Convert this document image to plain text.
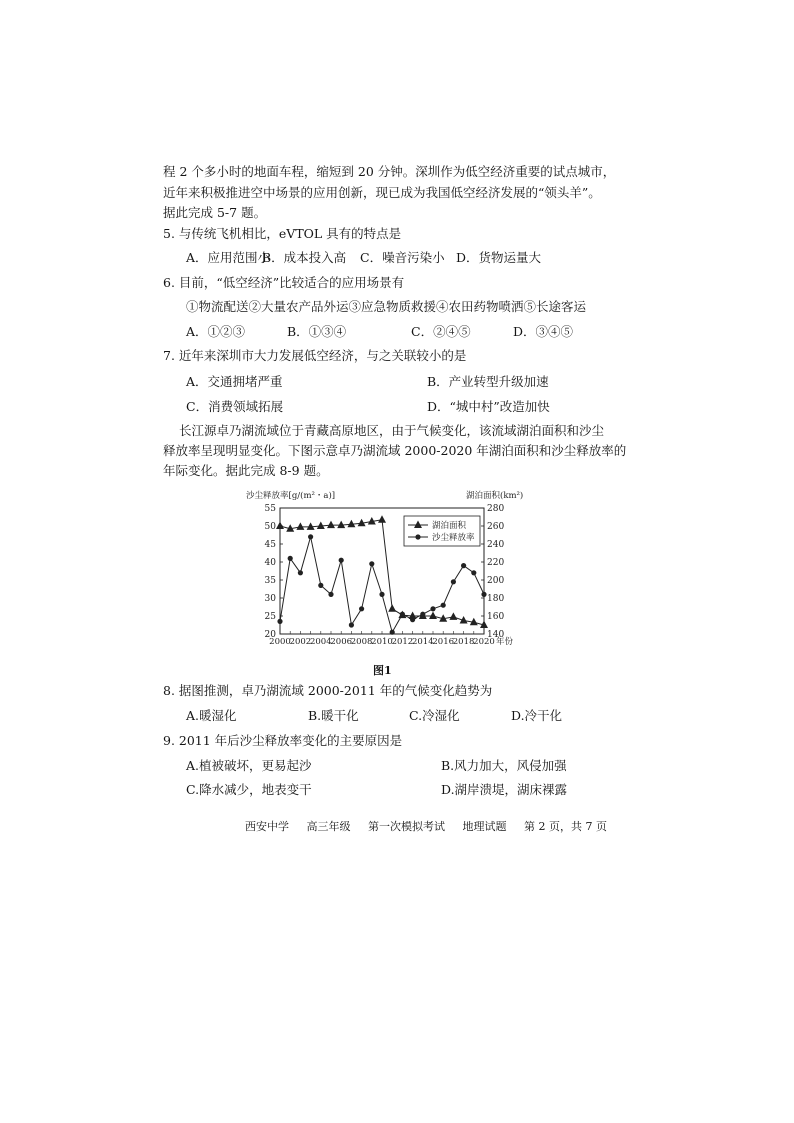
程 2 个多小时的地面车程，缩短到 20 分钟。深圳作为低空经济重要的试点城市，
近年来积极推进空中场景的应用创新，现已成为我国低空经济发展的“领头羊”。
据此完成 5-7 题。
5. 与传统飞机相比，eVTOL 具有的特点是
A．应用范围小
B．成本投入高 C．噪音污染小 D．货物运量大
6. 目前，“低空经济”比较适合的应用场景有
①物流配送②大量农产品外运③应急物质救援④农田药物喷洒⑤长途客运
A．①②③	B．①③④	C．②④⑤	D．③④⑤
7. 近年来深圳市大力发展低空经济，与之关联较小的是
A．交通拥堵严重	B．产业转型升级加速
C．消费领域拓展	D．“城中村”改造加快
长江源卓乃湖流域位于青藏高原地区，由于气候变化，该流域湖泊面积和沙尘
释放率呈现明显变化。下图示意卓乃湖流域 2000-2020 年湖泊面积和沙尘释放率的
年际变化。据此完成 8-9 题。
沙尘释放率[g/(m²・a)]	湖泊面积(km²)
20
25
30
35
40
45
50
55
140
160
180
200
220
240
260
280
2000
2002
2004
2006
2008
2010
2012
2014
2016
2018
2020 年份
湖泊面积
沙尘释放率
图1
8. 据图推测，卓乃湖流域 2000-2011 年的气候变化趋势为
A.暖湿化	B.暖干化	C.冷湿化	D.冷干化
9. 2011 年后沙尘释放率变化的主要原因是
A.植被破坏，更易起沙	B.风力加大，风侵加强
C.降水减少，地表变干	D.湖岸溃堤，湖床裸露
西安中学 高三年级 第一次模拟考试 地理试题 第 2 页，共 7 页
